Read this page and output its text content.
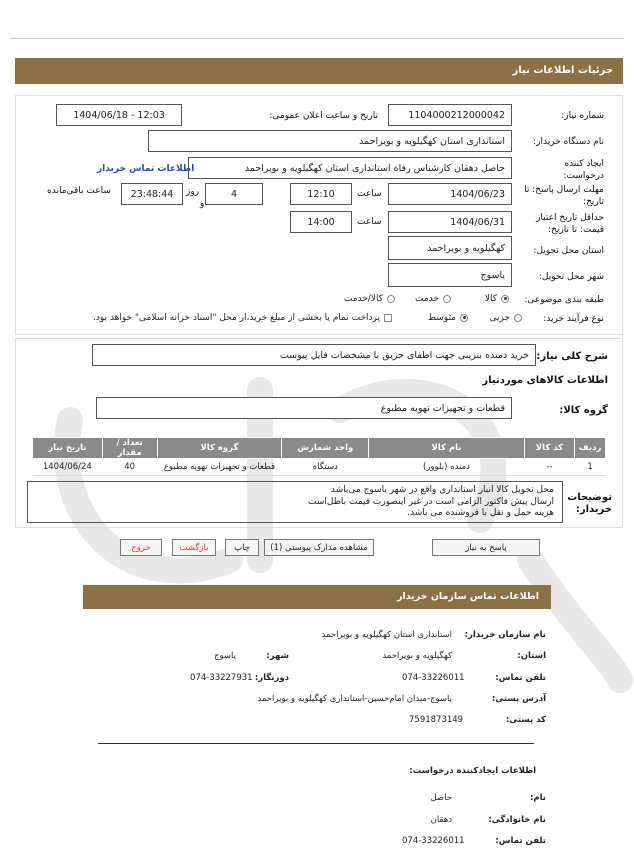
جزئیات اطلاعات نیاز
شماره نیاز:
1104000212000042
تاریخ و ساعت اعلان عمومی:
1404/06/18 - 12:03
نام دستگاه خریدار:
استانداری استان کهگیلویه و بویراحمد
ایجاد کننده درخواست:
حاصل دهقان کارشناس رفاه استانداری استان کهگیلویه و بویراحمد
اطلاعات تماس خریدار
مهلت ارسال پاسخ: تا تاریخ:
1404/06/23
ساعت
12:10
4
روز
و
23:48:44
ساعت باقی‌مانده
حداقل تاریخ اعتبار قیمت: تا تاریخ:
1404/06/31
ساعت
14:00
استان محل تحویل:
کهگیلویه و بویراحمد
شهر محل تحویل:
یاسوج
طبقه بندی موضوعی:
کالا
خدمت
کالا/خدمت
نوع فرآیند خرید:
جزیی
متوسط
پرداخت تمام یا بخشی از مبلغ خرید،از محل "اسناد خزانه اسلامی" خواهد بود.
شرح کلی نیاز:
خرید دمنده بنزینی جهت اطفای حریق با مشخصات فایل پیوست
اطلاعات کالاهای موردنیاز
گروه کالا:
قطعات و تجهیزات تهویه مطبوع
ردیف	کد کالا	نام کالا	واحد شمارش	گروه کالا	تعداد / مقدار	تاریخ نیاز
1	--	دمنده (بلوور)	دستگاه	قطعات و تجهیزات تهویه مطبوع	40	1404/06/24
توضیحات خریدار:
محل تحویل کالا انبار استانداری واقع در شهر یاسوج می‌باشد
ارسال پیش فاکتور الزامی است در غیر اینصورت قیمت باطل‌است
هزینه حمل و نقل با فروشنده می باشد.
پاسخ به نیاز
مشاهده مدارک پیوستی (1)
چاپ
بازگشت
خروج
اطلاعات تماس سازمان خریدار
نام سازمان خریدار:
استانداری استان کهگیلویه و بویراحمد
استان:
کهگیلویه و بویراحمد
شهر:
یاسوج
تلفن تماس:
074-33226011
دورنگار:
074-33227931
آدرس پستی:
یاسوج-میدان امام‌حسین-استانداری کهگیلویه و بویراحمد
کد پستی:
7591873149
اطلاعات ایجادکننده درخواست:
نام:
حاصل
نام خانوادگی:
دهقان
تلفن تماس:
074-33226011
